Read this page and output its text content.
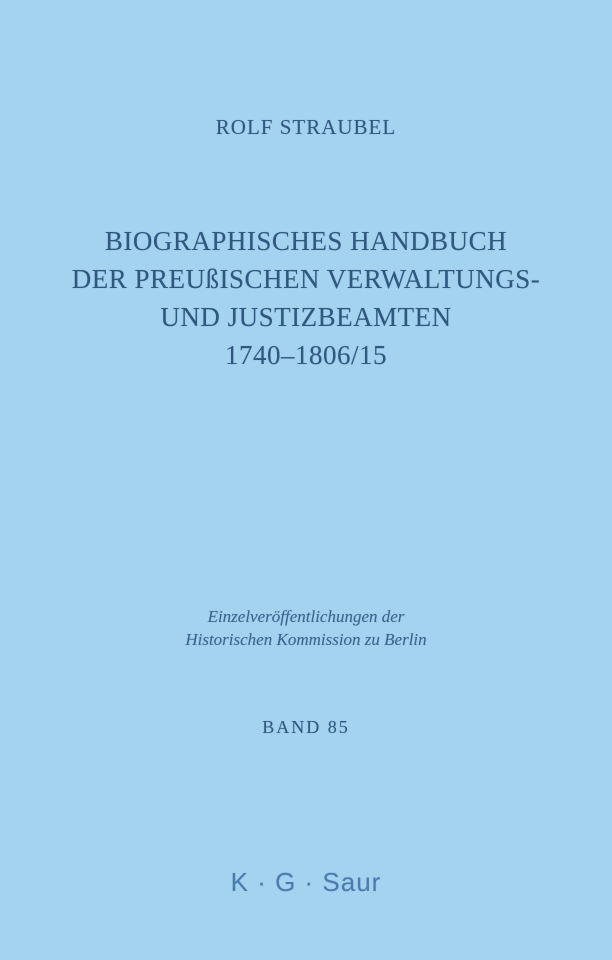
ROLF STRAUBEL
BIOGRAPHISCHES HANDBUCH
DER PREUßISCHEN VERWALTUNGS-
UND JUSTIZBEAMTEN
1740–1806/15
Einzelveröffentlichungen der
Historischen Kommission zu Berlin
BAND 85
K · G · Saur
